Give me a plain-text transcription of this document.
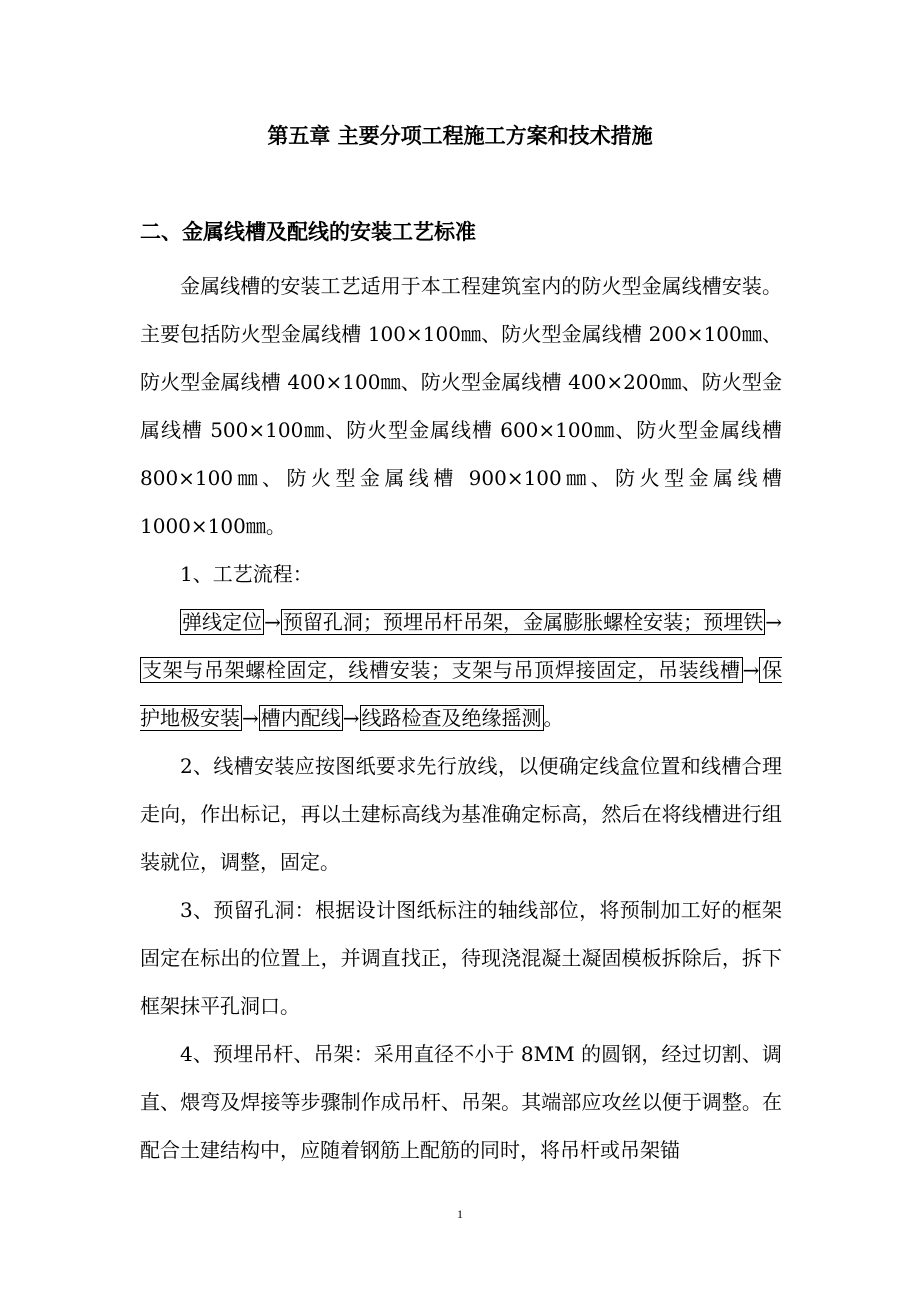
第五章 主要分项工程施工方案和技术措施
二、金属线槽及配线的安装工艺标准

金属线槽的安装工艺适用于本工程建筑室内的防火型金属线槽安装。主要包括防火型金属线槽 100×100㎜、防火型金属线槽 200×100㎜、防火型金属线槽 400×100㎜、防火型金属线槽 400×200㎜、防火型金属线槽 500×100㎜、防火型金属线槽 600×100㎜、防火型金属线槽 800×100㎜、防火型金属线槽 900×100㎜、防火型金属线槽 1000×100㎜。

1、工艺流程：

弹线定位 → 预留孔洞；预埋吊杆吊架，金属膨胀螺栓安装；预埋铁 →支架与吊架螺栓固定，线槽安装；支架与吊顶焊接固定，吊装线槽 → 保护地极安装 → 槽内配线 → 线路检查及绝缘摇测 。

2、线槽安装应按图纸要求先行放线，以便确定线盒位置和线槽合理走向，作出标记，再以土建标高线为基准确定标高，然后在将线槽进行组装就位，调整，固定。

3、预留孔洞：根据设计图纸标注的轴线部位，将预制加工好的框架固定在标出的位置上，并调直找正，待现浇混凝土凝固模板拆除后，拆下框架抹平孔洞口。

4、预埋吊杆、吊架：采用直径不小于 8MM 的圆钢，经过切割、调直、煨弯及焊接等步骤制作成吊杆、吊架。其端部应攻丝以便于调整。在配合土建结构中，应随着钢筋上配筋的同时，将吊杆或吊架锚

1
